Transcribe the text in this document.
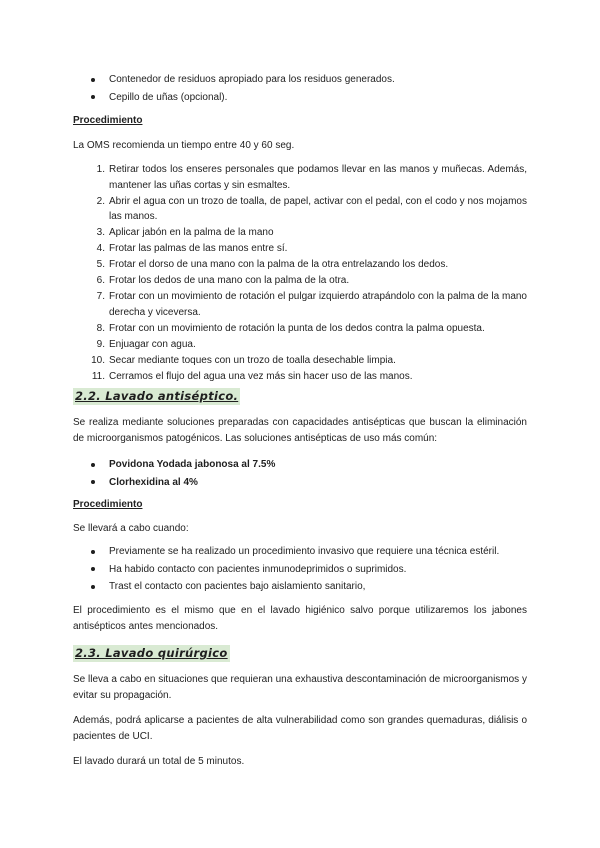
Contenedor de residuos apropiado para los residuos generados.
Cepillo de uñas (opcional).
Procedimiento
La OMS recomienda un tiempo entre 40 y 60 seg.
1. Retirar todos los enseres personales que podamos llevar en las manos y muñecas. Además, mantener las uñas cortas y sin esmaltes.
2. Abrir el agua con un trozo de toalla, de papel, activar con el pedal, con el codo y nos mojamos las manos.
3. Aplicar jabón en la palma de la mano
4. Frotar las palmas de las manos entre sí.
5. Frotar el dorso de una mano con la palma de la otra entrelazando los dedos.
6. Frotar los dedos de una mano con la palma de la otra.
7. Frotar con un movimiento de rotación el pulgar izquierdo atrapándolo con la palma de la mano derecha y viceversa.
8. Frotar con un movimiento de rotación la punta de los dedos contra la palma opuesta.
9. Enjuagar con agua.
10. Secar mediante toques con un trozo de toalla desechable limpia.
11. Cerramos el flujo del agua una vez más sin hacer uso de las manos.
2.2. Lavado antiséptico.
Se realiza mediante soluciones preparadas con capacidades antisépticas que buscan la eliminación de microorganismos patogénicos. Las soluciones antisépticas de uso más común:
Povidona Yodada jabonosa al 7.5%
Clorhexidina al 4%
Procedimiento
Se llevará a cabo cuando:
Previamente se ha realizado un procedimiento invasivo que requiere una técnica estéril.
Ha habido contacto con pacientes inmunodeprimidos o suprimidos.
Trast el contacto con pacientes bajo aislamiento sanitario,
El procedimiento es el mismo que en el lavado higiénico salvo porque utilizaremos los jabones antisépticos antes mencionados.
2.3. Lavado quirúrgico
Se lleva a cabo en situaciones que requieran una exhaustiva descontaminación de microorganismos y evitar su propagación.
Además, podrá aplicarse a pacientes de alta vulnerabilidad como son grandes quemaduras, diálisis o pacientes de UCI.
El lavado durará un total de 5 minutos.
